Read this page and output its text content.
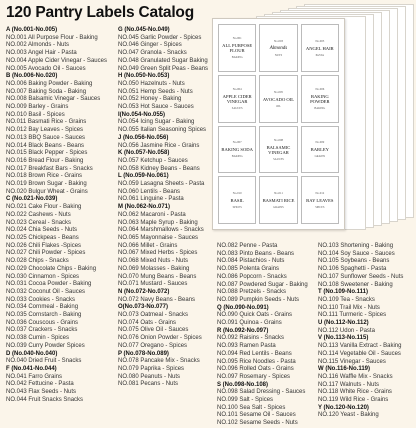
120 Pantry Labels Catalog
A (No.001-No.005)
NO.001 All Purpose Flour - Baking
NO.002 Almonds - Nuts
NO.003 Angel Hair - Pasta
NO.004 Apple Cider Vinegar - Sauces
NO.005 Avocado Oil - Sauces
B (No.006-No.020)
NO.006 Baking Powder - Baking
NO.007 Baking Soda - Baking
NO.008 Balsamic Vinegar - Sauces
NO.009 Barley - Grains
NO.010 Basil - Spices
NO.011 Basmati Rice - Grains
NO.012 Bay Leaves - Spices
NO.013 BBQ Sauce - Sauces
NO.014 Black Beans - Beans
NO.015 Black Pepper - Spices
NO.016 Bread Flour - Baking
NO.017 Breakfast Bars - Snacks
NO.018 Brown Rice - Grains
NO.019 Brown Sugar - Baking
NO.020 Bulgur Wheat - Grains
C (No.021-No.039)
NO.021 Cake Flour - Baking
NO.022 Cashews - Nuts
NO.023 Cereal - Snacks
NO.024 Chia Seeds - Nuts
NO.025 Chickpeas - Beans
NO.026 Chili Flakes -Spices
NO.027 Chili Powder - Spices
NO.028 Chips - Snacks
NO.029 Chocolate Chips - Baking
NO.030 Cinnamon - Spices
NO.031 Cocoa Powder - Baking
NO.032 Coconut Oil - Sauces
NO.033 Cookies - Snacks
NO.034 Cornmeal - Baking
NO.035 Cornstarch - Baking
NO.036 Couscous - Grains
NO.037 Crackers - Snacks
NO.038 Cumin - Spices
NO.039 Curry Powder Spices
D (No.040-No.040)
NO.040 Dried Fruit - Snacks
F (No.041-No.044)
NO.041 Farro Grains
NO.042 Fettucine - Pasta
NO.043 Flax Seeds - Nuts
NO.044 Fruit Snacks Snacks
G (No.045-No.049)
NO.045 Garlic Powder - Spices
NO.046 Ginger - Spices
NO.047 Granola - Snacks
NO.048 Granulated Sugar Baking
NO.049 Green Split Peas - Beans
H (No.050-No.053)
NO.050 Hazelnuts - Nuts
NO.051 Hemp Seeds - Nuts
NO.052 Honey - Baking
NO.053 Hot Sauce - Sauces
I(No.054-No.055)
NO.054 Icing Sugar - Baking
NO.055 Italian Seasoning Spices
J (No.056-No.056)
NO.056 Jasmine Rice - Grains
K (No.057-No.058)
NO.057 Ketchup - Sauces
NO.058 Kidney Beans - Beans
L (No.059-No.061)
NO.059 Lasagna Sheets - Pasta
NO.060 Lentils - Beans
NO.061 Linguine - Pasta
M (No.062-No.071)
NO.062 Macaroni - Pasta
NO.063 Maple Syrup - Baking
NO.064 Marshmallows - Snacks
NO.065 Mayonnaise - Sauces
NO.066 Millet - Grains
NO.067 Mixed Herbs - Spices
NO.068 Mixed Nuts - Nuts
NO.069 Molasses - Baking
NO.070 Mung Beans - Beans
NO.071 Mustard - Sauces
N (No.072-No.072)
NO.072 Navy Beans - Beans
O(No.073-No.077)
NO.073 Oatmeal - Snacks
NO.074 Oats - Grains
NO.075 Olive Oil - Sauces
NO.076 Onion Powder - Spices
NO.077 Oregano - Spices
P (No.078-No.089)
NO.078 Pancake Mix - Snacks
NO.079 Paprika - Spices
NO.080 Peanuts - Nuts
NO.081 Pecans - Nuts
NO.082 Penne - Pasta
NO.083 Pinto Beans - Beans
NO.084 Pistachios - Nuts
NO.085 Polenta Grains
NO.086 Popcorn - Snacks
NO.087 Powdered Sugar - Baking
NO.088 Pretzels - Snacks
NO.089 Pumpkin Seeds - Nuts
Q (No.090-No.091)
NO.090 Quick Oats - Grains
NO.091 Quinoa - Grains
R (No.092-No.097)
NO.092 Raisins - Snacks
NO.093 Ramen Pasta
NO.094 Red Lentils - Beans
NO.095 Rice Noodles - Pasta
NO.096 Rolled Oats - Grains
NO.097 Rosemary - Spices
S (No.098-No.108)
NO.098 Salad Dressing - Sauces
NO.099 Salt - Spices
NO.100 Sea Salt - Spices
NO.101 Sesame Oil - Sauces
NO.102 Sesame Seeds - Nuts
NO.103 Shortening - Baking
NO.104 Soy Sauce - Sauces
NO.105 Soybeans - Beans
NO.106 Spaghetti - Pasta
NO.107 Sunflower Seeds - Nuts
NO.108 Sweetener - Baking
T (No.109-No.111)
NO.109 Tea - Snacks
NO.110 Trail Mix - Nuts
NO.111 Turmeric - Spices
U (No.112-No.112)
NO.112 Udon - Pasta
V (No.113-No.115)
NO.113 Vanilla Extract - Baking
NO.114 Vegetable Oil - Sauces
NO.115 Vinegar - Sauces
W (No.116-No.119)
NO.116 Waffle Mix - Snacks
NO.117 Walnuts - Nuts
NO.118 White Rice - Grains
NO.119 Wild Rice - Grains
Y (No.120-No.120)
NO.120 Yeast - Baking
No.001
ALL PURPOSE FLOUR
BAKING
No.003
Almonds
NUTS
No.003
ANGEL HAIR
PASTA
No.004
APPLE CIDER VINEGAR
SAUCES
No.005
AVOCADO OIL
OIL
No.006
BAKING POWDER
BAKING
No.007
BAKING SODA
BAKING
No.008
BALSAMIC VINEGAR
SAUCES
No.009
BARLEY
GRAINS
No.010
BASIL
SPICES
No.011
BASMATI RICE
GRAINS
No.012
BAY LEAVES
SPICES
